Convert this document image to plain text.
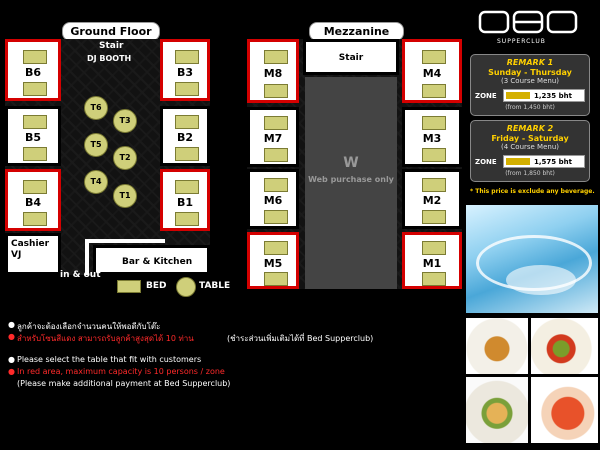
Ground Floor
B6
B5
B4
B3
B2
B1
Stair
DJ BOOTH
T6
T3
T5
T2
T4
T1
Cashier
VJ
Bar & Kitchen
in & out
Mezzanine
M8
M7
M6
M5
M4
M3
M2
M1
Stair
W
Web purchase only
BED	TABLE
SUPPERCLUB
REMARK 1
Sunday - Thursday
(3 Course Menu)
ZONE	1,235 bht
(from 1,450 bht)
REMARK 2
Friday - Saturday
(4 Course Menu)
ZONE	1,575 bht
(from 1,850 bht)
* This price is exclude any beverage.
● ลูกค้าจะต้องเลือกจำนวนคนให้พอดีกับโต๊ะ
● สำหรับโซนสีแดง สามารถรับลูกค้าสูงสุดได้ 10 ท่าน	(ชำระส่วนเพิ่มเติมได้ที่ Bed Supperclub)
● Please select the table that fit with customers
● In red area, maximum capacity is 10 persons / zone
(Please make additional payment at Bed Supperclub)
